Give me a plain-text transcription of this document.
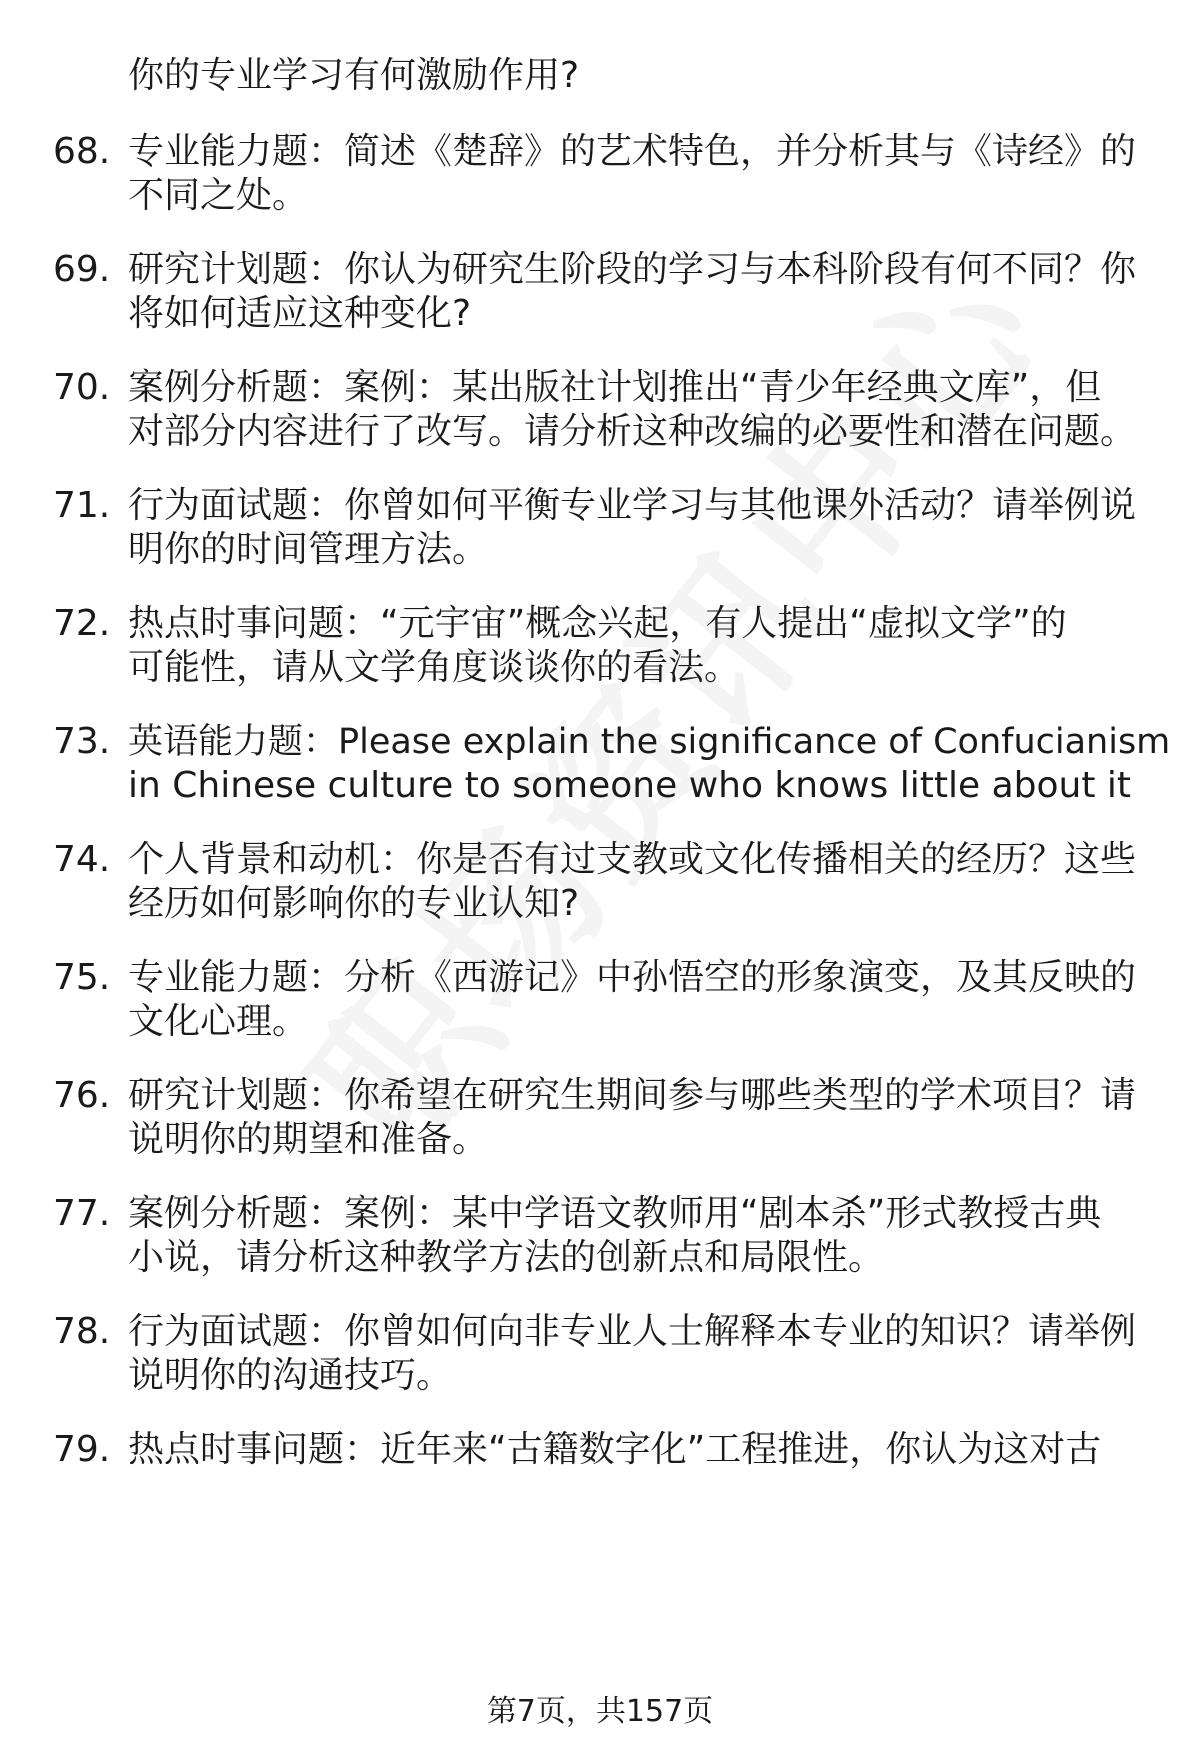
你的专业学习有何激励作用?
68. 专业能力题：简述《楚辞》的艺术特色，并分析其与《诗经》的
不同之处。
69. 研究计划题：你认为研究生阶段的学习与本科阶段有何不同？你
将如何适应这种变化?
70. 案例分析题：案例：某出版社计划推出“青少年经典文库”，但
对部分内容进行了改写。请分析这种改编的必要性和潜在问题。
71. 行为面试题：你曾如何平衡专业学习与其他课外活动？请举例说
明你的时间管理方法。
72. 热点时事问题：“元宇宙”概念兴起，有人提出“虚拟文学”的
可能性，请从文学角度谈谈你的看法。
73. 英语能力题：Please explain the significance of Confucianism
in Chinese culture to someone who knows little about it
74. 个人背景和动机：你是否有过支教或文化传播相关的经历？这些
经历如何影响你的专业认知?
75. 专业能力题：分析《西游记》中孙悟空的形象演变，及其反映的
文化心理。
76. 研究计划题：你希望在研究生期间参与哪些类型的学术项目？请
说明你的期望和准备。
77. 案例分析题：案例：某中学语文教师用“剧本杀”形式教授古典
小说，请分析这种教学方法的创新点和局限性。
78. 行为面试题：你曾如何向非专业人士解释本专业的知识？请举例
说明你的沟通技巧。
79. 热点时事问题：近年来“古籍数字化”工程推进，你认为这对古
第7页，共157页
